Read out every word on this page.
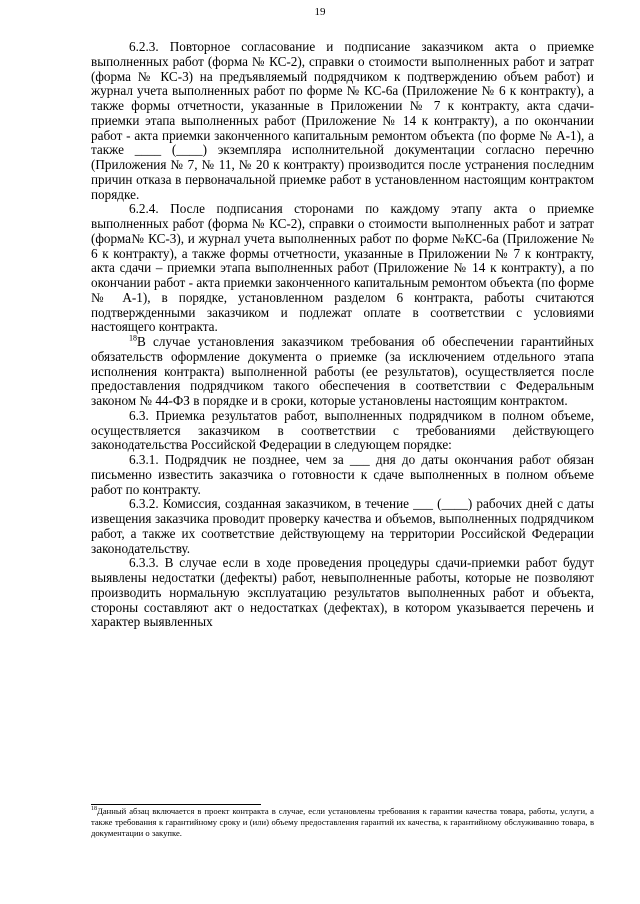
19

6.2.3. Повторное согласование и подписание заказчиком акта о приемке выполненных работ (форма № КС-2), справки о стоимости выполненных работ и затрат (форма № КС-3) на предъявляемый подрядчиком к подтверждению объем работ) и журнал учета выполненных работ по форме № КС-6а (Приложение № 6 к контракту), а также формы отчетности, указанные в Приложении № 7 к контракту, акта сдачи-приемки этапа выполненных работ (Приложение № 14 к контракту), а по окончании работ - акта приемки законченного капитальным ремонтом объекта (по форме № А-1), а также ____ (____) экземпляра исполнительной документации согласно перечню (Приложения № 7, № 11, № 20 к контракту) производится после устранения последним причин отказа в первоначальной приемке работ в установленном настоящим контрактом порядке.

6.2.4. После подписания сторонами по каждому этапу акта о приемке выполненных работ (форма № КС-2), справки о стоимости выполненных работ и затрат (форма№ КС-3), и журнал учета выполненных работ по форме №КС-6а (Приложение № 6 к контракту), а также формы отчетности, указанные в Приложении № 7 к контракту, акта сдачи – приемки этапа выполненных работ (Приложение № 14 к контракту), а по окончании работ - акта приемки законченного капитальным ремонтом объекта (по форме № А-1), в порядке, установленном разделом 6 контракта, работы считаются подтвержденными заказчиком и подлежат оплате в соответствии с условиями настоящего контракта.

$^{18}$В случае установления заказчиком требования об обеспечении гарантийных обязательств оформление документа о приемке (за исключением отдельного этапа исполнения контракта) выполненной работы (ее результатов), осуществляется после предоставления подрядчиком такого обеспечения в соответствии с Федеральным законом № 44-ФЗ в порядке и в сроки, которые установлены настоящим контрактом.

6.3. Приемка результатов работ, выполненных подрядчиком в полном объеме, осуществляется заказчиком в соответствии с требованиями действующего законодательства Российской Федерации в следующем порядке:

6.3.1. Подрядчик не позднее, чем за ___ дня до даты окончания работ обязан письменно известить заказчика о готовности к сдаче выполненных в полном объеме работ по контракту.

6.3.2. Комиссия, созданная заказчиком, в течение ___ (____) рабочих дней с даты извещения заказчика проводит проверку качества и объемов, выполненных подрядчиком работ, а также их соответствие действующему на территории Российской Федерации законодательству.

6.3.3. В случае если в ходе проведения процедуры сдачи-приемки работ будут выявлены недостатки (дефекты) работ, невыполненные работы, которые не позволяют производить нормальную эксплуатацию результатов выполненных работ и объекта, стороны составляют акт о недостатках (дефектах), в котором указывается перечень и характер выявленных

$^{18}$Данный абзац включается в проект контракта в случае, если установлены требования к гарантии качества товара, работы, услуги, а также требования к гарантийному сроку и (или) объему предоставления гарантий их качества, к гарантийному обслуживанию товара, в документации о закупке.
